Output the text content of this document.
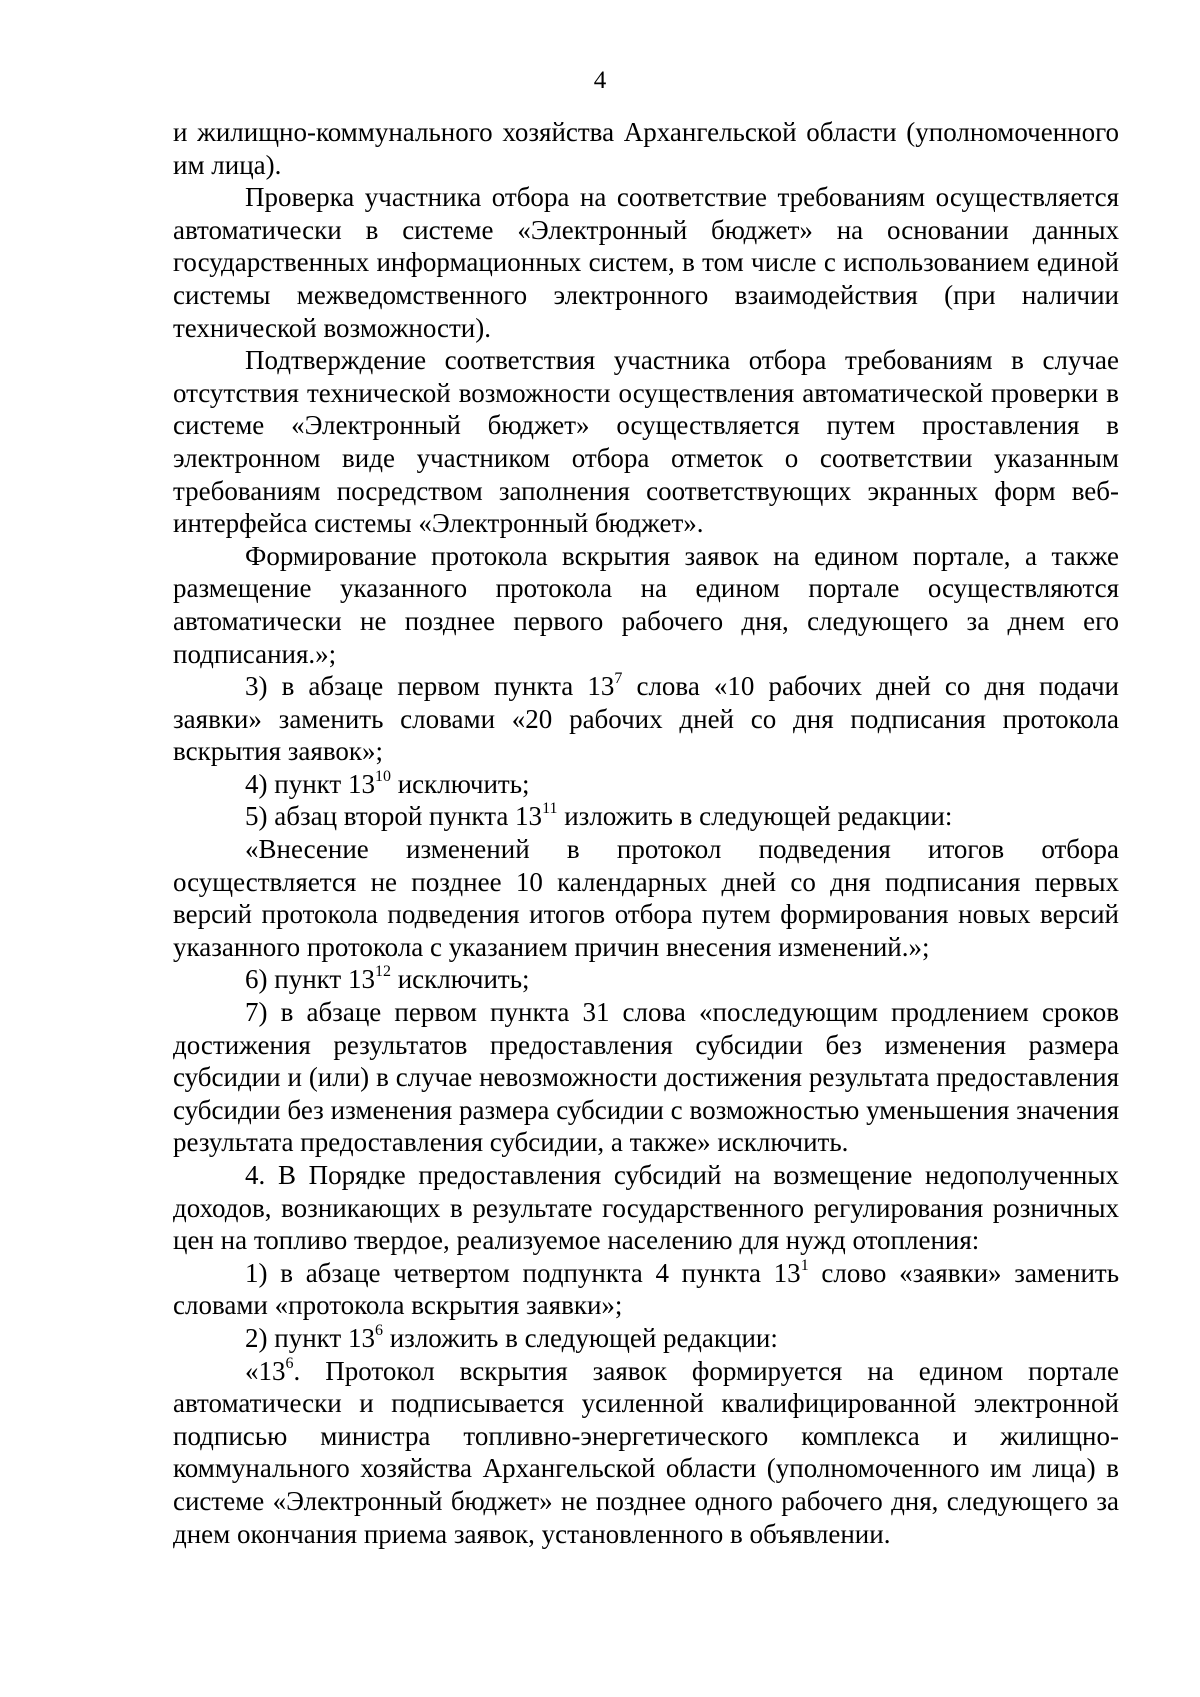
4

и жилищно-коммунального хозяйства Архангельской области (уполномоченного им лица).

Проверка участника отбора на соответствие требованиям осуществляется автоматически в системе «Электронный бюджет» на основании данных государственных информационных систем, в том числе с использованием единой системы межведомственного электронного взаимодействия (при наличии технической возможности).

Подтверждение соответствия участника отбора требованиям в случае отсутствия технической возможности осуществления автоматической проверки в системе «Электронный бюджет» осуществляется путем проставления в электронном виде участником отбора отметок о соответствии указанным требованиям посредством заполнения соответствующих экранных форм веб-интерфейса системы «Электронный бюджет».

Формирование протокола вскрытия заявок на едином портале, а также размещение указанного протокола на едином портале осуществляются автоматически не позднее первого рабочего дня, следующего за днем его подписания.»;

3) в абзаце первом пункта $13^7$ слова «10 рабочих дней со дня подачи заявки» заменить словами «20 рабочих дней со дня подписания протокола вскрытия заявок»;

4) пункт $13^{10}$ исключить;

5) абзац второй пункта $13^{11}$ изложить в следующей редакции:

«Внесение изменений в протокол подведения итогов отбора осуществляется не позднее 10 календарных дней со дня подписания первых версий протокола подведения итогов отбора путем формирования новых версий указанного протокола с указанием причин внесения изменений.»;

6) пункт $13^{12}$ исключить;

7) в абзаце первом пункта 31 слова «последующим продлением сроков достижения результатов предоставления субсидии без изменения размера субсидии и (или) в случае невозможности достижения результата предоставления субсидии без изменения размера субсидии с возможностью уменьшения значения результата предоставления субсидии, а также» исключить.

4. В Порядке предоставления субсидий на возмещение недополученных доходов, возникающих в результате государственного регулирования розничных цен на топливо твердое, реализуемое населению для нужд отопления:

1) в абзаце четвертом подпункта 4 пункта $13^1$ слово «заявки» заменить словами «протокола вскрытия заявки»;

2) пункт $13^6$ изложить в следующей редакции:

«$13^6$. Протокол вскрытия заявок формируется на едином портале автоматически и подписывается усиленной квалифицированной электронной подписью министра топливно-энергетического комплекса и жилищно-коммунального хозяйства Архангельской области (уполномоченного им лица) в системе «Электронный бюджет» не позднее одного рабочего дня, следующего за днем окончания приема заявок, установленного в объявлении.
